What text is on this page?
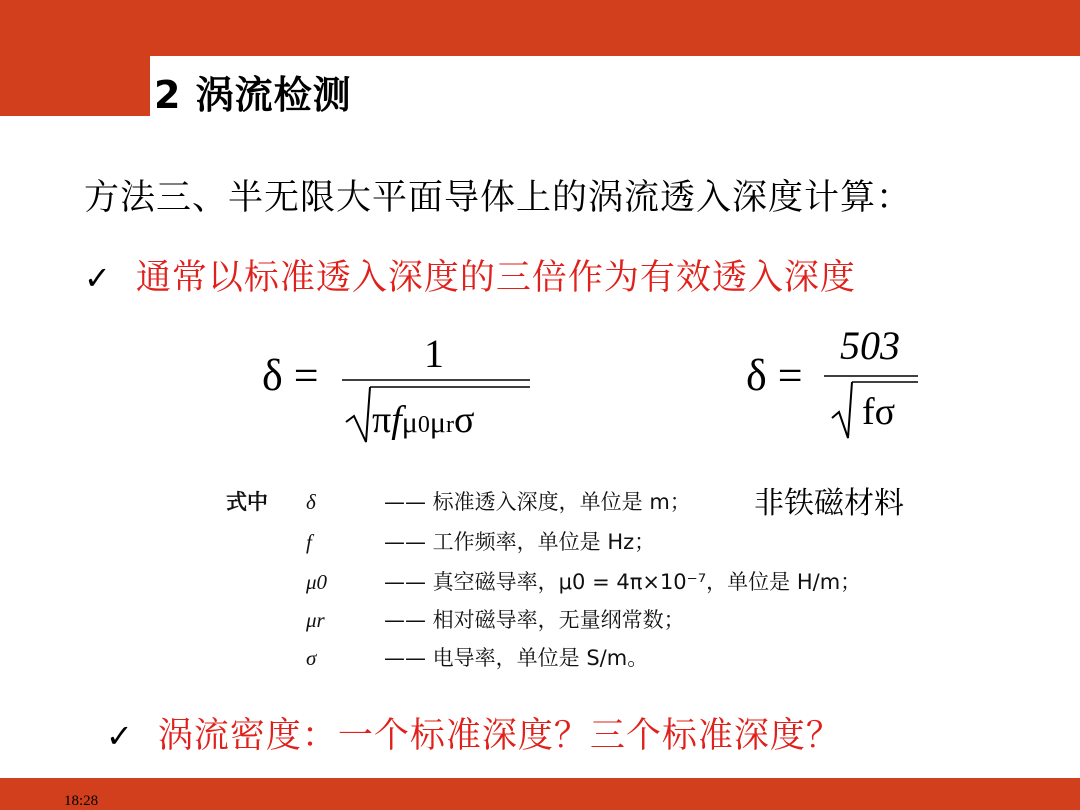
2 涡流检测
方法三、半无限大平面导体上的涡流透入深度计算：
✓ 通常以标准透入深度的三倍作为有效透入深度
δ =	1
πfμ0μrσ
δ =
503
fσ
非铁磁材料
式中 δ	—— 标准透入深度，单位是 m；
f	—— 工作频率，单位是 Hz；
μ0	—— 真空磁导率，μ0 = 4π×10⁻⁷，单位是 H/m；
μr	—— 相对磁导率，无量纲常数；
σ	—— 电导率，单位是 S/m。
✓ 涡流密度：一个标准深度？三个标准深度？
18:28
